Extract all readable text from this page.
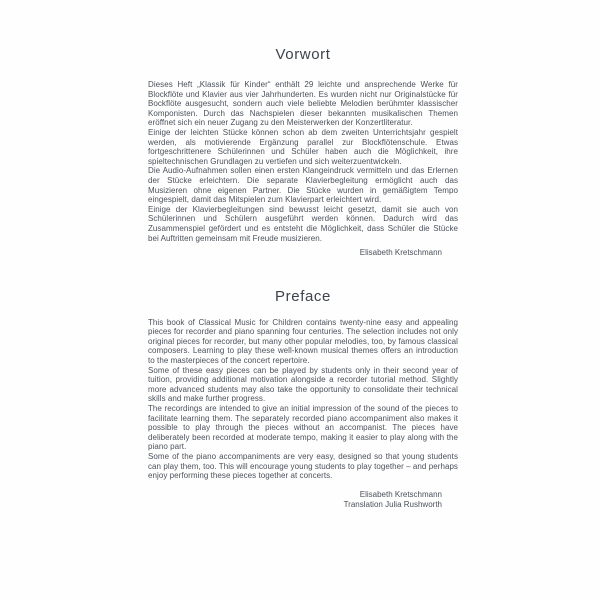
Vorwort

Dieses Heft „Klassik für Kinder“ enthält 29 leichte und ansprechende Werke für Blockflöte und Klavier aus vier Jahrhunderten. Es wurden nicht nur Originalstücke für Bockflöte ausgesucht, sondern auch viele beliebte Melodien berühmter klassischer Komponisten. Durch das Nachspielen dieser bekannten musikalischen Themen eröffnet sich ein neuer Zugang zu den Meisterwerken der Konzertliteratur.

Einige der leichten Stücke können schon ab dem zweiten Unterrichtsjahr gespielt werden, als motivierende Ergänzung parallel zur Blockflötenschule. Etwas fortgeschrittenere Schülerinnen und Schüler haben auch die Möglichkeit, ihre spieltechnischen Grundlagen zu vertiefen und sich weiterzuentwickeln.

Die Audio-Aufnahmen sollen einen ersten Klangeindruck vermitteln und das Erlernen der Stücke erleichtern. Die separate Klavierbegleitung ermöglicht auch das Musizieren ohne eigenen Partner. Die Stücke wurden in gemäßigtem Tempo eingespielt, damit das Mitspielen zum Klavierpart erleichtert wird.

Einige der Klavierbegleitungen sind bewusst leicht gesetzt, damit sie auch von Schülerinnen und Schülern ausgeführt werden können. Dadurch wird das Zusammenspiel gefördert und es entsteht die Möglichkeit, dass Schüler die Stücke bei Auftritten gemeinsam mit Freude musizieren.

Elisabeth Kretschmann
Preface

This book of Classical Music for Children contains twenty-nine easy and appealing pieces for recorder and piano spanning four centuries. The selection includes not only original pieces for recorder, but many other popular melodies, too, by famous classical composers. Learning to play these well-known musical themes offers an introduction to the masterpieces of the concert repertoire.

Some of these easy pieces can be played by students only in their second year of tuition, providing additional motivation alongside a recorder tutorial method. Slightly more advanced students may also take the opportunity to consolidate their technical skills and make further progress.

The recordings are intended to give an initial impression of the sound of the pieces to facilitate learning them. The separately recorded piano accompaniment also makes it possible to play through the pieces without an accompanist. The pieces have deliberately been recorded at moderate tempo, making it easier to play along with the piano part.

Some of the piano accompaniments are very easy, designed so that young students can play them, too. This will encourage young students to play together – and perhaps enjoy performing these pieces together at concerts.

Elisabeth Kretschmann
Translation Julia Rushworth
